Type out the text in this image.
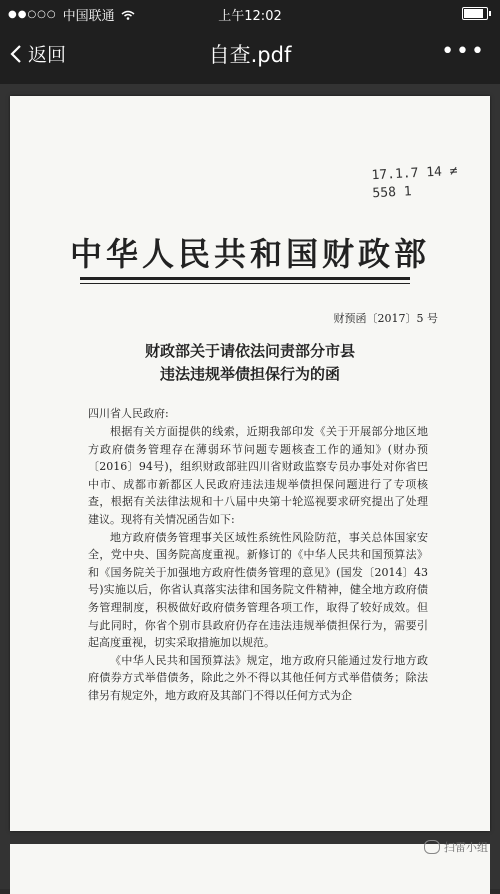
●●○○○ 中国联通	上午12:02
返回	自查.pdf	•••
17.1.7 14 ≠
558 1
中华人民共和国财政部
财预函〔2017〕5 号
财政部关于请依法问责部分市县
违法违规举债担保行为的函
四川省人民政府:

根据有关方面提供的线索，近期我部印发《关于开展部分地区地方政府债务管理存在薄弱环节问题专题核查工作的通知》(财办预〔2016〕94号)，组织财政部驻四川省财政监察专员办事处对你省巴中市、成都市新都区人民政府违法违规举债担保问题进行了专项核查，根据有关法律法规和十八届中央第十轮巡视要求研究提出了处理建议。现将有关情况函告如下:

地方政府债务管理事关区域性系统性风险防范，事关总体国家安全，党中央、国务院高度重视。新修订的《中华人民共和国预算法》和《国务院关于加强地方政府性债务管理的意见》(国发〔2014〕43号)实施以后，你省认真落实法律和国务院文件精神，健全地方政府债务管理制度，积极做好政府债务管理各项工作，取得了较好成效。但与此同时，你省个别市县政府仍存在违法违规举债担保行为，需要引起高度重视，切实采取措施加以规范。

《中华人民共和国预算法》规定，地方政府只能通过发行地方政府债券方式举借债务，除此之外不得以其他任何方式举借债务；除法律另有规定外，地方政府及其部门不得以任何方式为企

扫雷小组
